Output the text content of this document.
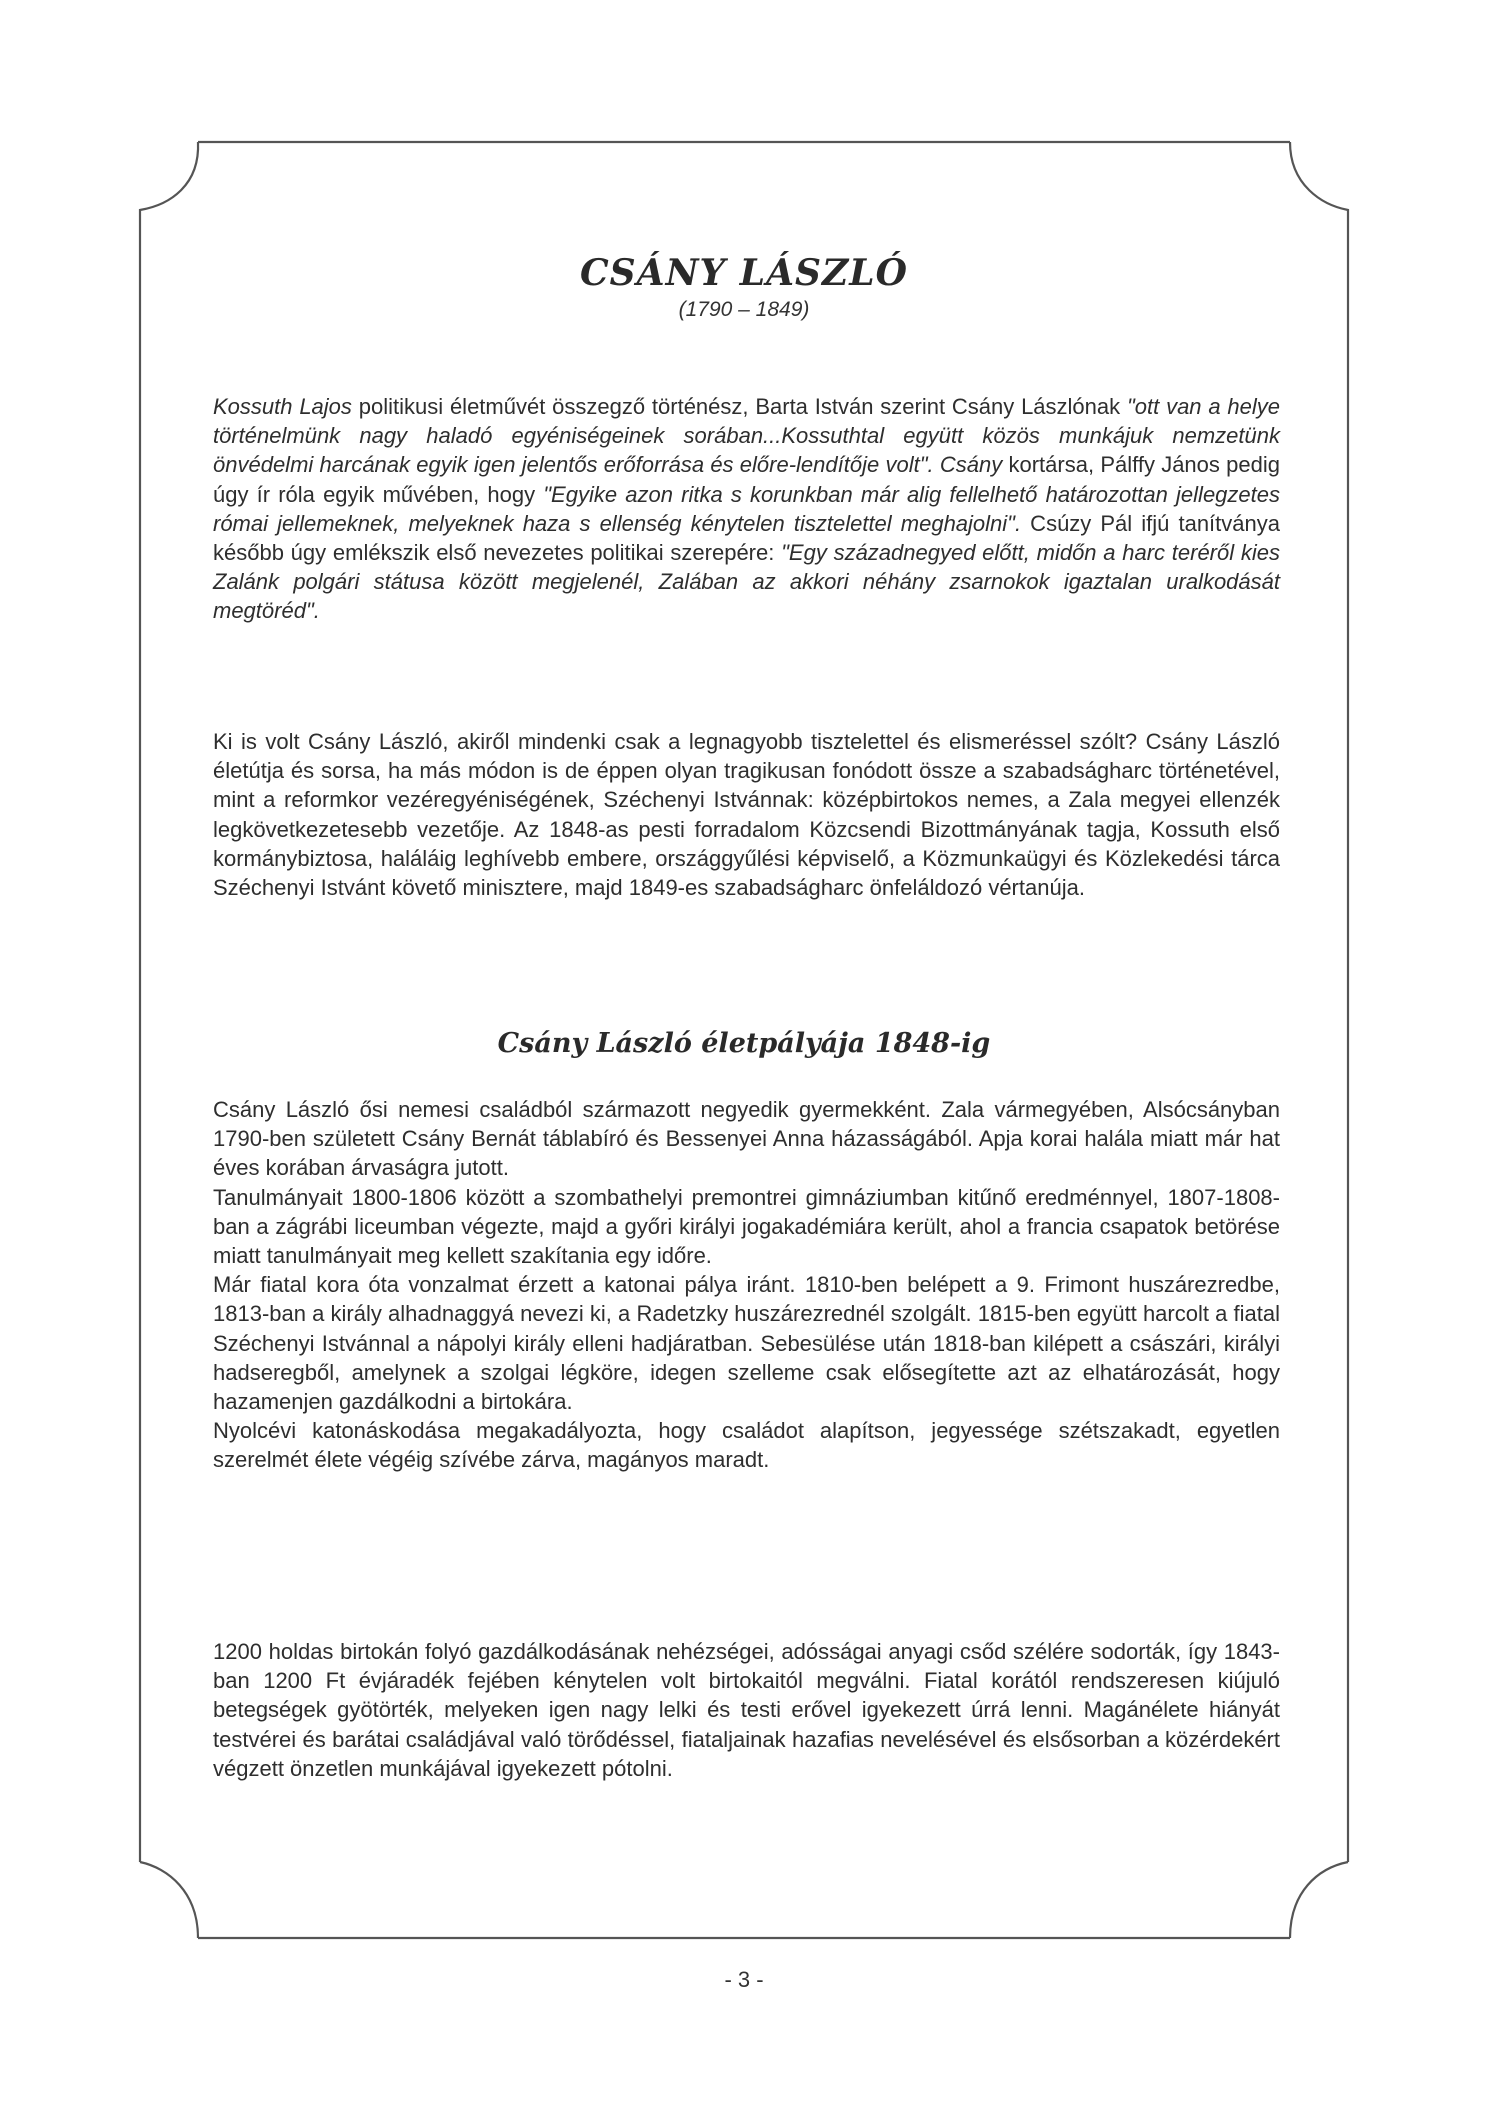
CSÁNY LÁSZLÓ
(1790 – 1849)

Kossuth Lajos politikusi életművét összegző történész, Barta István szerint Csány Lászlónak "ott van a helye történelmünk nagy haladó egyéniségeinek sorában...Kossuthtal együtt közös munkájuk nemzetünk önvédelmi harcának egyik igen jelentős erőforrása és előre-lendítője volt". Csány kortársa, Pálffy János pedig úgy ír róla egyik művében, hogy "Egyike azon ritka s korunkban már alig fellelhető határozottan jellegzetes római jellemeknek, melyeknek haza s ellenség kénytelen tisztelettel meghajolni". Csúzy Pál ifjú tanítványa később úgy emlékszik első nevezetes politikai szerepére: "Egy századnegyed előtt, midőn a harc teréről kies Zalánk polgári státusa között megjelenél, Zalában az akkori néhány zsarnokok igaztalan uralkodását megtöréd".

Ki is volt Csány László, akiről mindenki csak a legnagyobb tisztelettel és elismeréssel szólt? Csány László életútja és sorsa, ha más módon is de éppen olyan tragikusan fonódott össze a szabadságharc történetével, mint a reformkor vezéregyéniségének, Széchenyi Istvánnak: középbirtokos nemes, a Zala megyei ellenzék legkövetkezetesebb vezetője. Az 1848-as pesti forradalom Közcsendi Bizottmányának tagja, Kossuth első kormánybiztosa, haláláig leghívebb embere, országgyűlési képviselő, a Közmunkaügyi és Közlekedési tárca Széchenyi Istvánt követő minisztere, majd 1849-es szabadságharc önfeláldozó vértanúja.

Csány László életpályája 1848-ig

Csány László ősi nemesi családból származott negyedik gyermekként. Zala vármegyében, Alsócsányban 1790-ben született Csány Bernát táblabíró és Bessenyei Anna házasságából. Apja korai halála miatt már hat éves korában árvaságra jutott.

Tanulmányait 1800-1806 között a szombathelyi premontrei gimnáziumban kitűnő eredménnyel, 1807-1808-ban a zágrábi liceumban végezte, majd a győri királyi jogakadémiára került, ahol a francia csapatok betörése miatt tanulmányait meg kellett szakítania egy időre.

Már fiatal kora óta vonzalmat érzett a katonai pálya iránt. 1810-ben belépett a 9. Frimont huszárezredbe, 1813-ban a király alhadnaggyá nevezi ki, a Radetzky huszárezrednél szolgált. 1815-ben együtt harcolt a fiatal Széchenyi Istvánnal a nápolyi király elleni hadjáratban. Sebesülése után 1818-ban kilépett a császári, királyi hadseregből, amelynek a szolgai légköre, idegen szelleme csak elősegítette azt az elhatározását, hogy hazamenjen gazdálkodni a birtokára.

Nyolcévi katonáskodása megakadályozta, hogy családot alapítson, jegyessége szétszakadt, egyetlen szerelmét élete végéig szívébe zárva, magányos maradt.

1200 holdas birtokán folyó gazdálkodásának nehézségei, adósságai anyagi csőd szélére sodorták, így 1843-ban 1200 Ft évjáradék fejében kénytelen volt birtokaitól megválni. Fiatal korától rendszeresen kiújuló betegségek gyötörték, melyeken igen nagy lelki és testi erővel igyekezett úrrá lenni. Magánélete hiányát testvérei és barátai családjával való törődéssel, fiataljainak hazafias nevelésével és elsősorban a közérdekért végzett önzetlen munkájával igyekezett pótolni.

- 3 -
